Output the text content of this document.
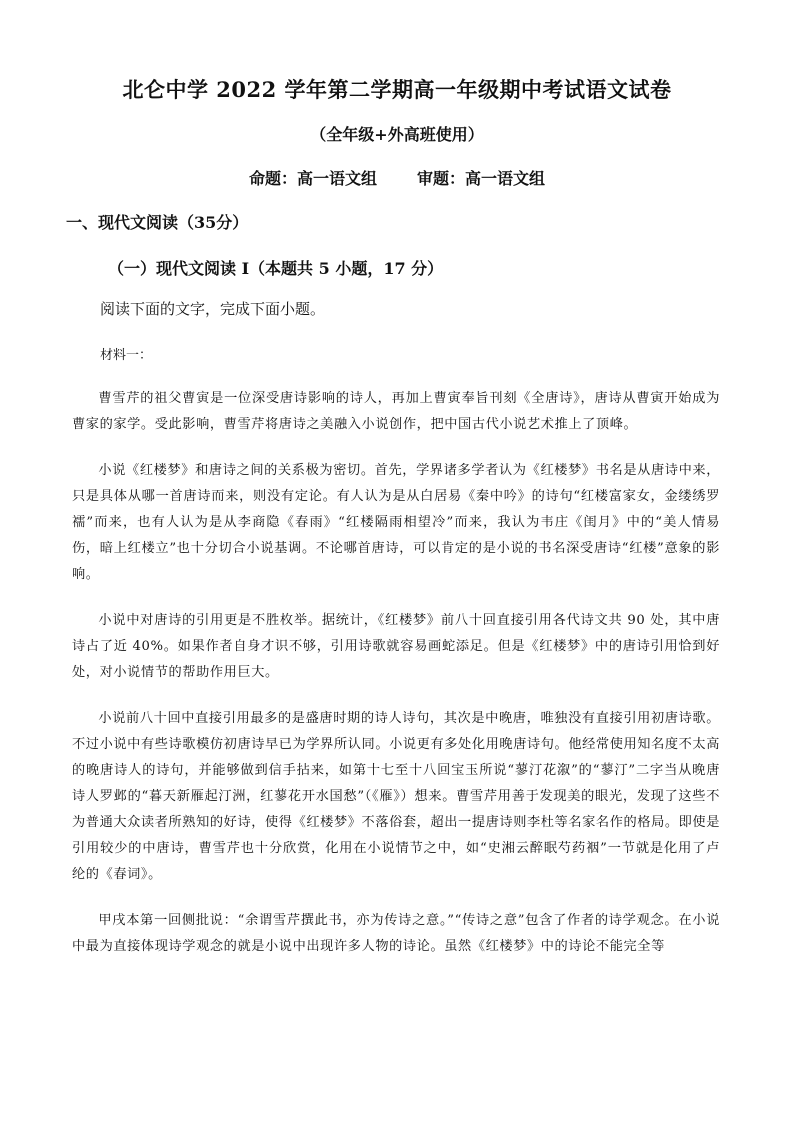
北仑中学 2022 学年第二学期高一年级期中考试语文试卷
（全年级+外高班使用）
命题：高一语文组	审题：高一语文组
一、现代文阅读（35分）
（一）现代文阅读 I（本题共 5 小题，17 分）
阅读下面的文字，完成下面小题。
材料一：

曹雪芹的祖父曹寅是一位深受唐诗影响的诗人，再加上曹寅奉旨刊刻《全唐诗》，唐诗从曹寅开始成为曹家的家学。受此影响，曹雪芹将唐诗之美融入小说创作，把中国古代小说艺术推上了顶峰。

小说《红楼梦》和唐诗之间的关系极为密切。首先，学界诸多学者认为《红楼梦》书名是从唐诗中来，只是具体从哪一首唐诗而来，则没有定论。有人认为是从白居易《秦中吟》的诗句“红楼富家女，金缕绣罗襦”而来，也有人认为是从李商隐《春雨》“红楼隔雨相望冷”而来，我认为韦庄《闺月》中的“美人情易伤，暗上红楼立”也十分切合小说基调。不论哪首唐诗，可以肯定的是小说的书名深受唐诗“红楼”意象的影响。

小说中对唐诗的引用更是不胜枚举。据统计，《红楼梦》前八十回直接引用各代诗文共 90 处，其中唐诗占了近 40%。如果作者自身才识不够，引用诗歌就容易画蛇添足。但是《红楼梦》中的唐诗引用恰到好处，对小说情节的帮助作用巨大。

小说前八十回中直接引用最多的是盛唐时期的诗人诗句，其次是中晚唐，唯独没有直接引用初唐诗歌。不过小说中有些诗歌模仿初唐诗早已为学界所认同。小说更有多处化用晚唐诗句。他经常使用知名度不太高的晚唐诗人的诗句，并能够做到信手拈来，如第十七至十八回宝玉所说“蓼汀花溆”的“蓼汀”二字当从晚唐诗人罗邺的“暮天新雁起汀洲，红蓼花开水国愁”（《雁》）想来。曹雪芹用善于发现美的眼光，发现了这些不为普通大众读者所熟知的好诗，使得《红楼梦》不落俗套，超出一提唐诗则李杜等名家名作的格局。即使是引用较少的中唐诗，曹雪芹也十分欣赏，化用在小说情节之中，如“史湘云醉眠芍药裀”一节就是化用了卢纶的《春词》。

甲戌本第一回侧批说：“余谓雪芹撰此书，亦为传诗之意。”“传诗之意”包含了作者的诗学观念。在小说中最为直接体现诗学观念的就是小说中出现许多人物的诗论。虽然《红楼梦》中的诗论不能完全等
